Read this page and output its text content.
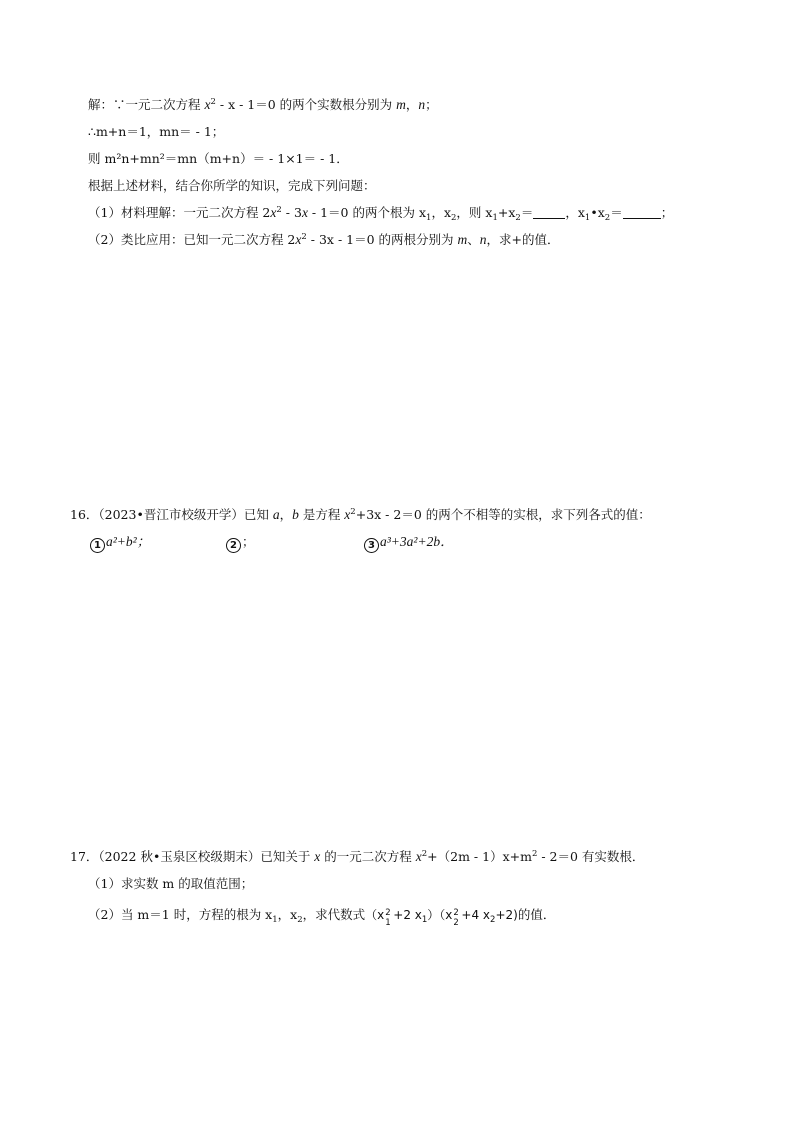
解：∵一元二次方程 $x^2 - x - 1=0$ 的两个实数根分别为 m，n；
∴m+n＝1，mn＝ - 1；
则 m²n+mn²＝mn（m+n）＝ - 1×1＝ - 1．
根据上述材料，结合你所学的知识，完成下列问题：
（1）材料理解：一元二次方程 $2x^2 - 3x - 1=0$ 的两个根为 $x_1$，$x_2$，则 $x_1+x_2=$	，$x_1•x_2=$	；
（2）类比应用：已知一元二次方程 $2x^2 - 3x - 1=0$ 的两根分别为 m、n，求+的值．
16．（2023•晋江市校级开学）已知 a，b 是方程 $x^2+3x - 2=0$ 的两个不相等的实根，求下列各式的值：
1 a²+b²；	2 ；	3 a³+3a²+2b．
17．（2022 秋•玉泉区校级期末）已知关于 x 的一元二次方程 $x^2+(2m - 1)x+m^2 - 2=0$ 有实数根．
（1）求实数 m 的取值范围；
（2）当 m＝1 时，方程的根为 $x_1$，$x_2$，求代数式（x 2
1
+2 $x_1)(x$ 2
2
+4 $x_2+2$)的值．
